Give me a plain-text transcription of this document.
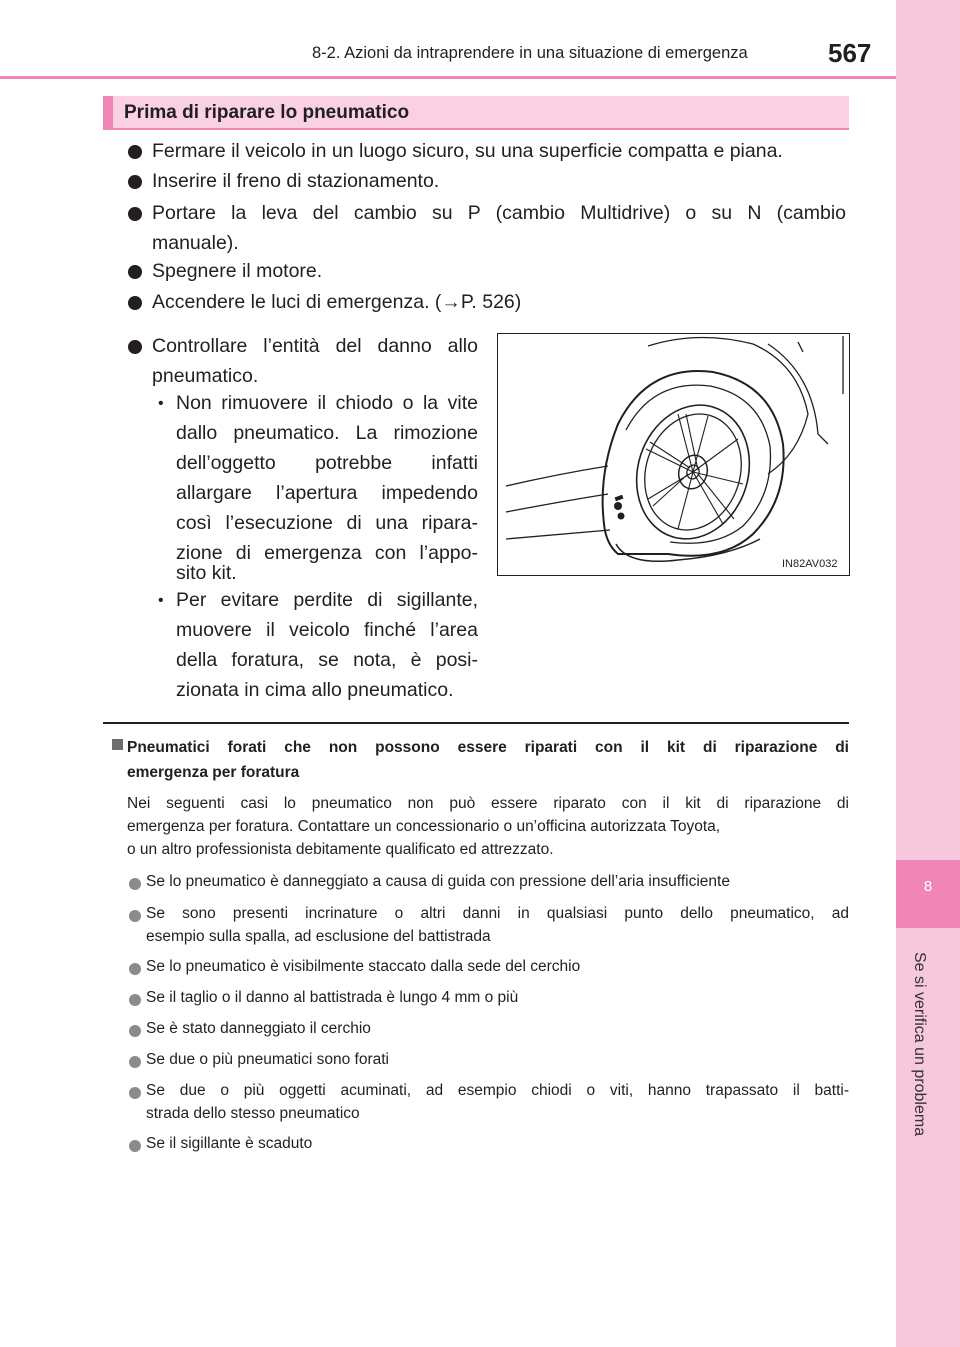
8
Se si verifica un problema
8-2. Azioni da intraprendere in una situazione di emergenza	567
Prima di riparare lo pneumatico
Fermare il veicolo in un luogo sicuro, su una superficie compatta e piana.
Inserire il freno di stazionamento.
Portare la leva del cambio su P (cambio Multidrive) o su N (cambio
manuale).
Spegnere il motore.
Accendere le luci di emergenza. (→P. 526)
Controllare l’entità del danno allo
pneumatico.
• Non rimuovere il chiodo o la vite
dallo pneumatico. La rimozione
dell’oggetto potrebbe infatti
allargare l’apertura impedendo
così l’esecuzione di una ripara-
zione di emergenza con l’appo-
sito kit.
• Per evitare perdite di sigillante,
muovere il veicolo finché l’area
della foratura, se nota, è posi-
zionata in cima allo pneumatico.
IN82AV032
Pneumatici forati che non possono essere riparati con il kit di riparazione di
emergenza per foratura
Nei seguenti casi lo pneumatico non può essere riparato con il kit di riparazione di
emergenza per foratura. Contattare un concessionario o un’officina autorizzata Toyota,
o un altro professionista debitamente qualificato ed attrezzato.
Se lo pneumatico è danneggiato a causa di guida con pressione dell’aria insufficiente
Se sono presenti incrinature o altri danni in qualsiasi punto dello pneumatico, ad
esempio sulla spalla, ad esclusione del battistrada
Se lo pneumatico è visibilmente staccato dalla sede del cerchio
Se il taglio o il danno al battistrada è lungo 4 mm o più
Se è stato danneggiato il cerchio
Se due o più pneumatici sono forati
Se due o più oggetti acuminati, ad esempio chiodi o viti, hanno trapassato il batti-
strada dello stesso pneumatico
Se il sigillante è scaduto
